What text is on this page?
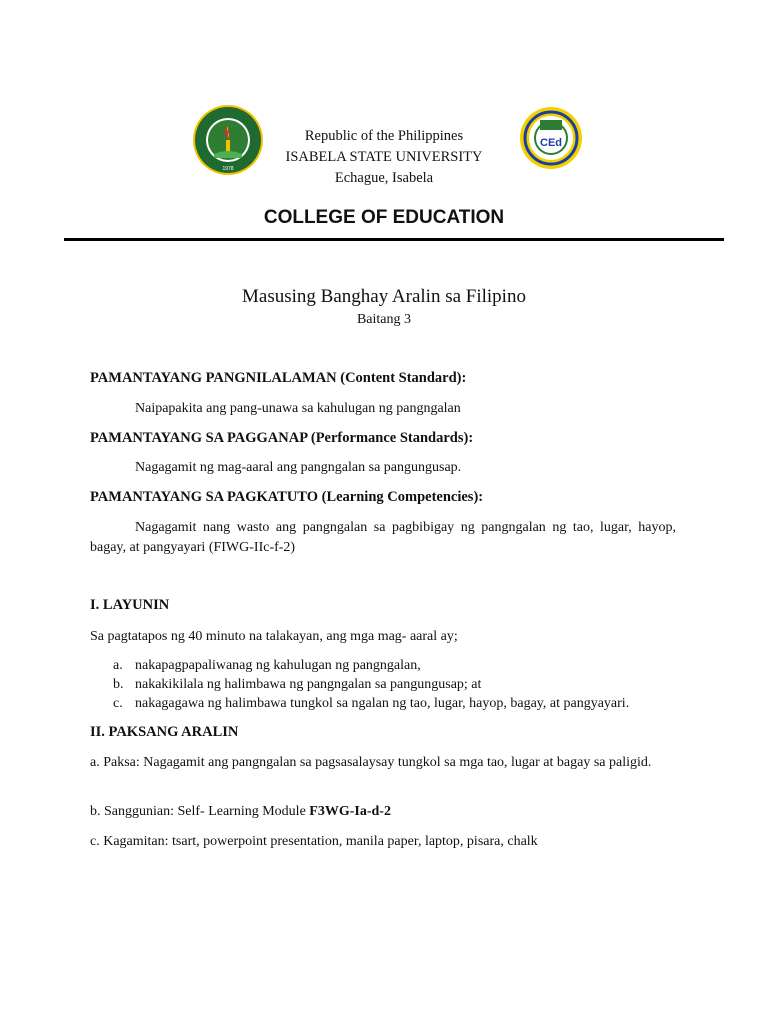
1978
CEd
Republic of the Philippines
ISABELA STATE UNIVERSITY
Echague, Isabela
COLLEGE OF EDUCATION
Masusing Banghay Aralin sa Filipino
Baitang 3
PAMANTAYANG PANGNILALAMAN (Content Standard):
Naipapakita ang pang-unawa sa kahulugan ng pangngalan
PAMANTAYANG SA PAGGANAP (Performance Standards):
Nagagamit ng mag-aaral ang pangngalan sa pangungusap.
PAMANTAYANG SA PAGKATUTO (Learning Competencies):
Nagagamit nang wasto ang pangngalan sa pagbibigay ng pangngalan ng tao, lugar, hayop, bagay, at pangyayari (FIWG-IIc-f-2)
I. LAYUNIN
Sa pagtatapos ng 40 minuto na talakayan, ang mga mag- aaral ay;
a. nakapagpapaliwanag ng kahulugan ng pangngalan,
b. nakakikilala ng halimbawa ng pangngalan sa pangungusap; at
c. nakagagawa ng halimbawa tungkol sa ngalan ng tao, lugar, hayop, bagay, at pangyayari.
II. PAKSANG ARALIN
a. Paksa: Nagagamit ang pangngalan sa pagsasalaysay tungkol sa mga tao, lugar at bagay sa paligid.
b. Sanggunian: Self- Learning Module F3WG-Ia-d-2
c. Kagamitan: tsart, powerpoint presentation, manila paper, laptop, pisara, chalk
